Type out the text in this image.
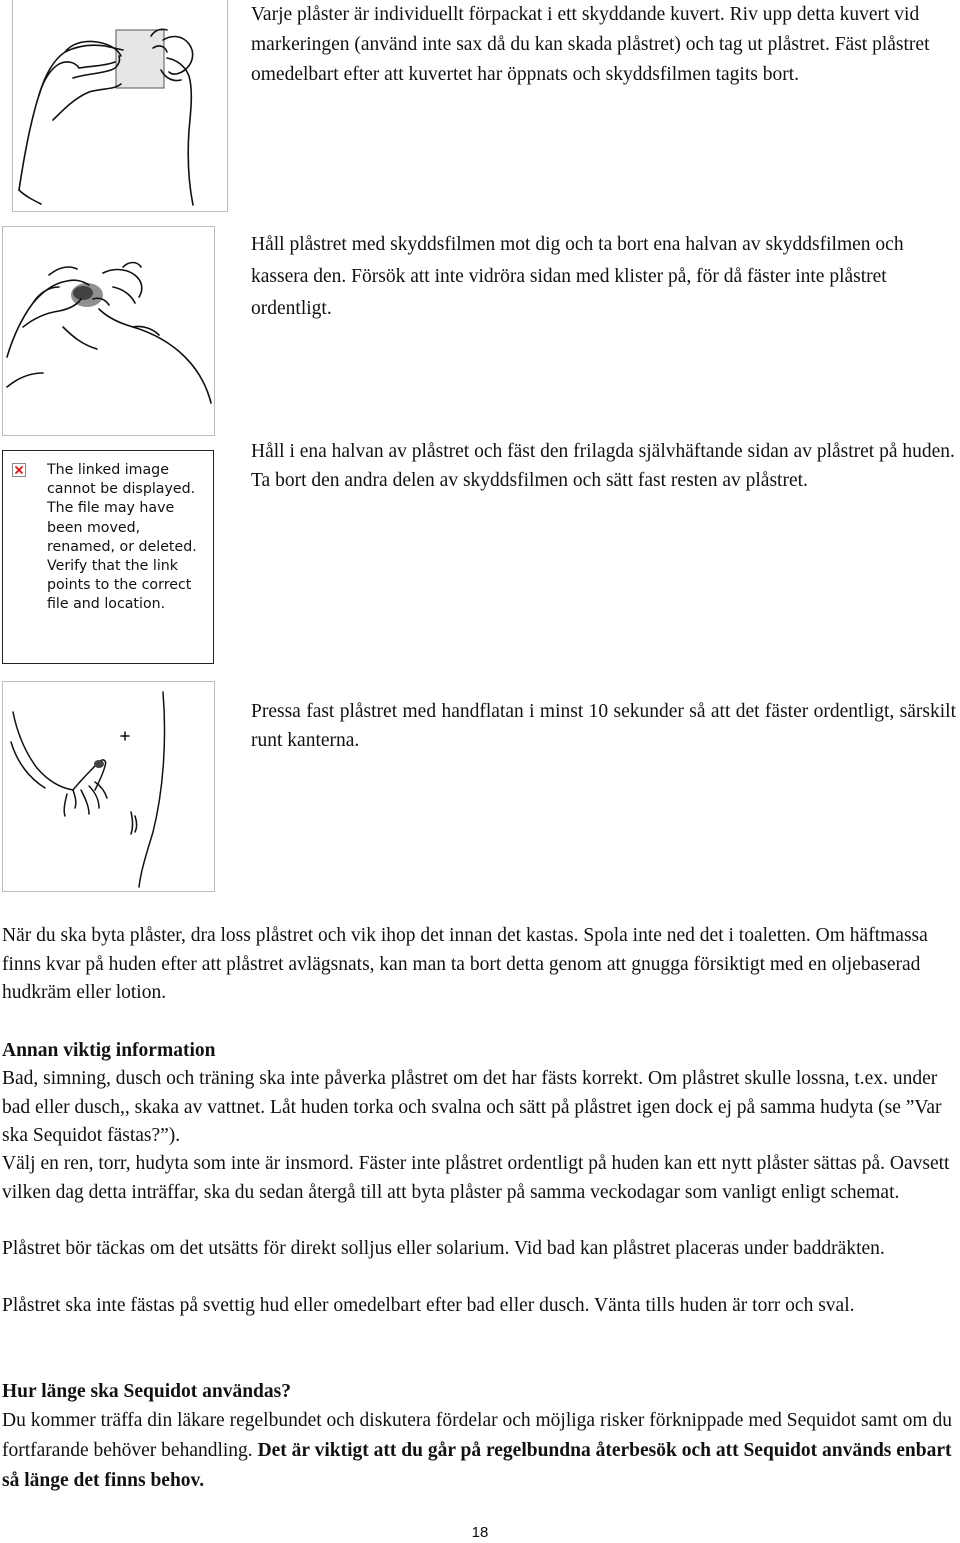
Varje plåster är individuellt förpackat i ett skyddande kuvert. Riv upp detta kuvert vid markeringen (använd inte sax då du kan skada plåstret) och tag ut plåstret. Fäst plåstret omedelbart efter att kuvertet har öppnats och skyddsfilmen tagits bort.

Håll plåstret med skyddsfilmen mot dig och ta bort ena halvan av skyddsfilmen och kassera den. Försök att inte vidröra sidan med klister på, för då fäster inte plåstret ordentligt.

The linked image cannot be displayed. The file may have been moved, renamed, or deleted. Verify that the link points to the correct file and location.

Håll i ena halvan av plåstret och fäst den frilagda självhäftande sidan av plåstret på huden. Ta bort den andra delen av skyddsfilmen och sätt fast resten av plåstret.

Pressa fast plåstret med handflatan i minst 10 sekunder så att det fäster ordentligt, särskilt runt kanterna.

När du ska byta plåster, dra loss plåstret och vik ihop det innan det kastas. Spola inte ned det i toaletten. Om häftmassa finns kvar på huden efter att plåstret avlägsnats, kan man ta bort detta genom att gnugga försiktigt med en oljebaserad hudkräm eller lotion.

Annan viktig information

Bad, simning, dusch och träning ska inte påverka plåstret om det har fästs korrekt. Om plåstret skulle lossna, t.ex. under bad eller dusch,, skaka av vattnet. Låt huden torka och svalna och sätt på plåstret igen dock ej på samma hudyta (se ”Var ska Sequidot fästas?”).

Välj en ren, torr, hudyta som inte är insmord. Fäster inte plåstret ordentligt på huden kan ett nytt plåster sättas på. Oavsett vilken dag detta inträffar, ska du sedan återgå till att byta plåster på samma veckodagar som vanligt enligt schemat.

Plåstret bör täckas om det utsätts för direkt solljus eller solarium. Vid bad kan plåstret placeras under baddräkten.

Plåstret ska inte fästas på svettig hud eller omedelbart efter bad eller dusch. Vänta tills huden är torr och sval.

Hur länge ska Sequidot användas?

Du kommer träffa din läkare regelbundet och diskutera fördelar och möjliga risker förknippade med Sequidot samt om du fortfarande behöver behandling. Det är viktigt att du går på regelbundna återbesök och att Sequidot används enbart så länge det finns behov.

18
